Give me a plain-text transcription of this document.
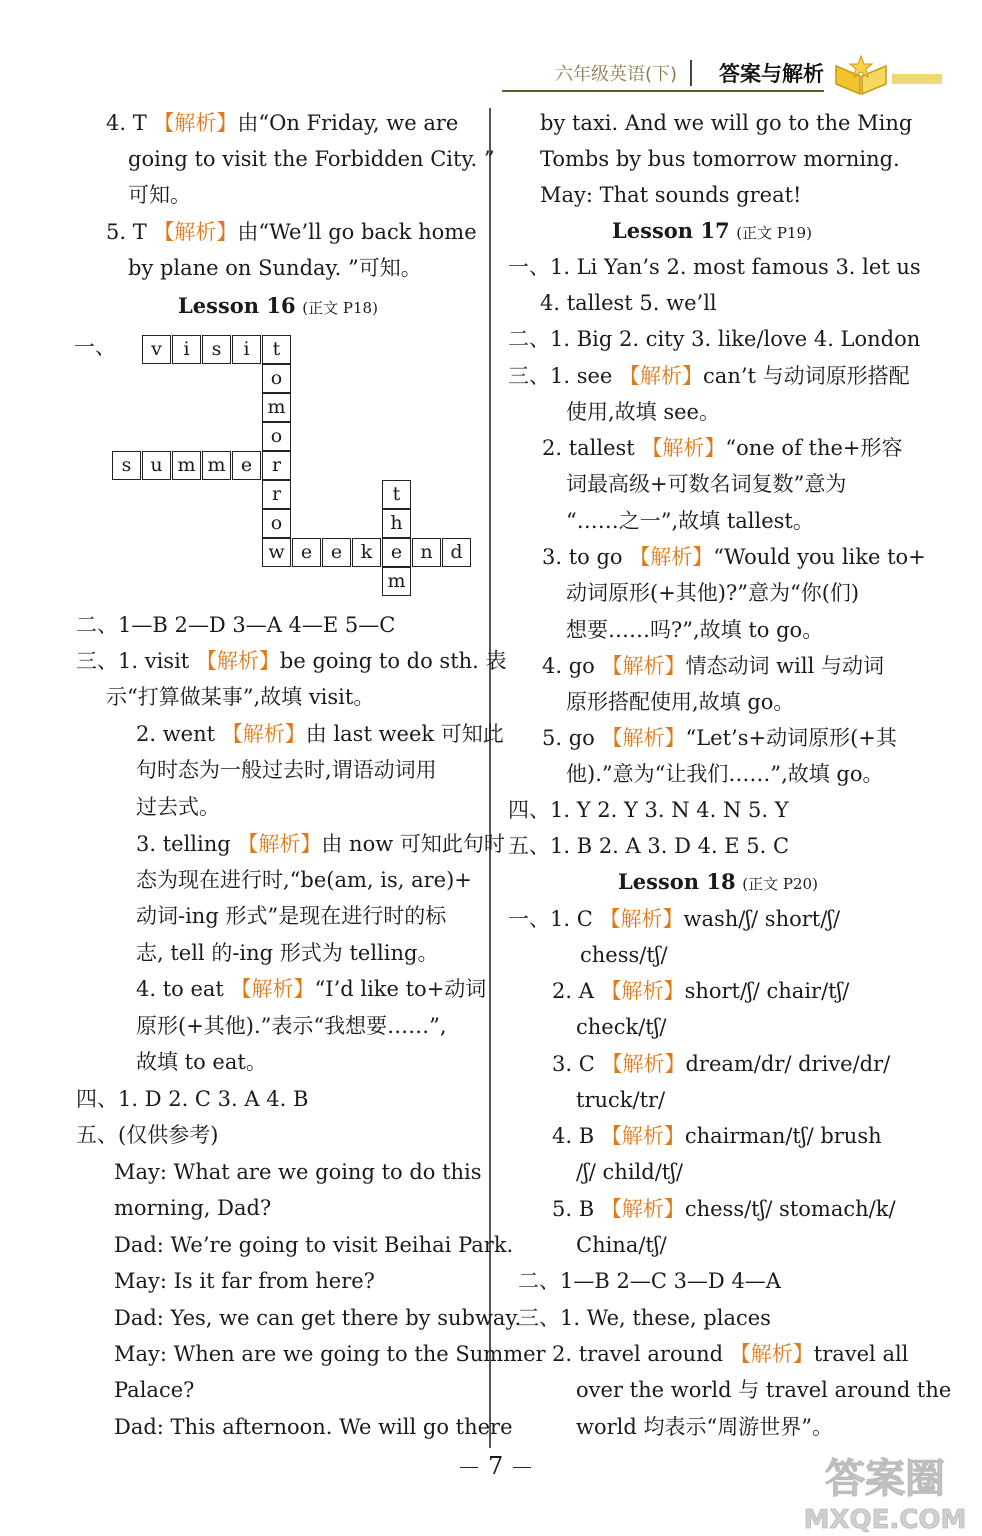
六年级英语(下) 答案与解析
4. T 【解析】由“On Friday, we are
going to visit the Forbidden City. ”
可知。
5. T 【解析】由“We’ll go back home
by plane on Sunday. ”可知。
Lesson 16 (正文 P18)
一、	v	i	s	i	t
o
m
o
s	u m m e	r
r
o
t
h
w e e k e n d
m
二、1—B 2—D 3—A 4—E 5—C
三、1. visit 【解析】be going to do sth. 表
示“打算做某事”,故填 visit。
2. went 【解析】由 last week 可知此
句时态为一般过去时,谓语动词用
过去式。
3. telling 【解析】由 now 可知此句时
态为现在进行时,“be(am, is, are)+
动词-ing 形式”是现在进行时的标
志, tell 的-ing 形式为 telling。
4. to eat 【解析】“I’d like to+动词
原形(+其他).”表示“我想要……”,
故填 to eat。
四、1. D 2. C 3. A 4. B
五、(仅供参考)
May: What are we going to do this
morning, Dad?
Dad: We’re going to visit Beihai Park.
May: Is it far from here?
Dad: Yes, we can get there by subway.
May: When are we going to the Summer
Palace?
Dad: This afternoon. We will go there
by taxi. And we will go to the Ming
Tombs by bus tomorrow morning.
May: That sounds great!
Lesson 17 (正文 P19)
一、1. Li Yan’s 2. most famous 3. let us
4. tallest 5. we’ll
二、1. Big 2. city 3. like/love 4. London
三、1. see 【解析】can’t 与动词原形搭配
使用,故填 see。
2. tallest 【解析】“one of the+形容
词最高级+可数名词复数”意为
“……之一”,故填 tallest。
3. to go 【解析】“Would you like to+
动词原形(+其他)?”意为“你(们)
想要……吗?”,故填 to go。
4. go 【解析】情态动词 will 与动词
原形搭配使用,故填 go。
5. go 【解析】“Let’s+动词原形(+其
他).”意为“让我们……”,故填 go。
四、1. Y 2. Y 3. N 4. N 5. Y
五、1. B 2. A 3. D 4. E 5. C
Lesson 18 (正文 P20)
一、1. C 【解析】wash/ʃ/ short/ʃ/
chess/tʃ/
2. A 【解析】short/ʃ/ chair/tʃ/
check/tʃ/
3. C 【解析】dream/dr/ drive/dr/
truck/tr/
4. B 【解析】chairman/tʃ/ brush
/ʃ/ child/tʃ/
5. B 【解析】chess/tʃ/ stomach/k/
China/tʃ/
二、1—B 2—C 3—D 4—A
三、1. We, these, places
2. travel around 【解析】travel all
over the world 与 travel around the
world 均表示“周游世界”。
7	答案圈
MXQE.COM
